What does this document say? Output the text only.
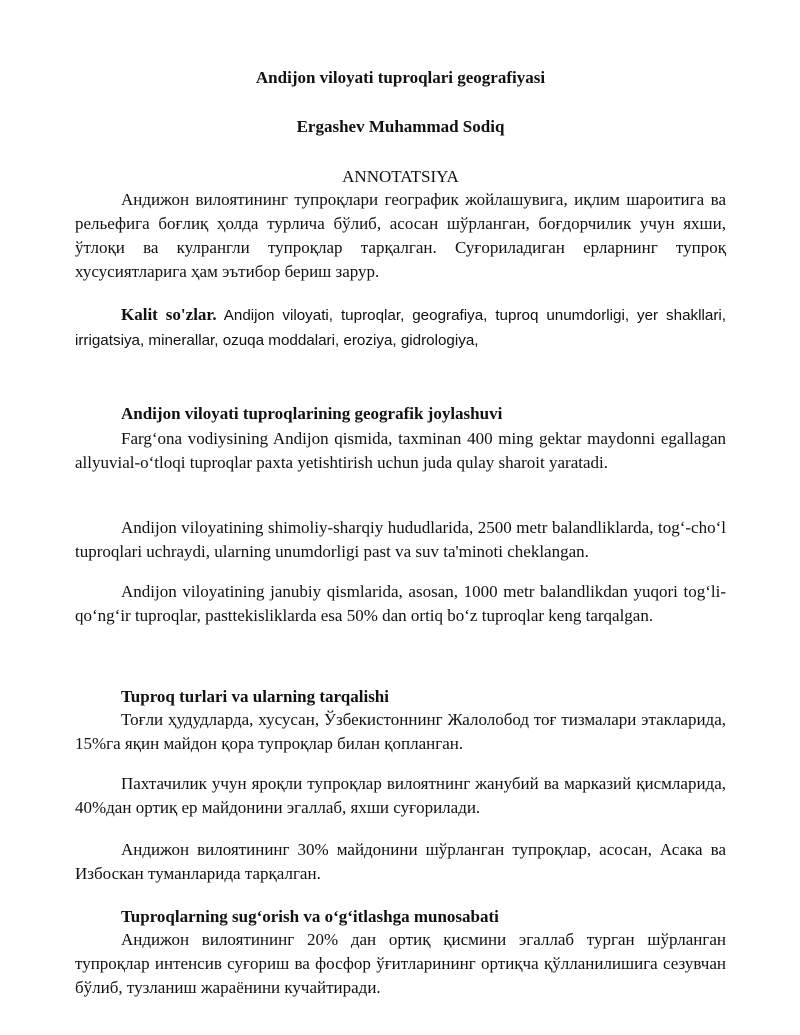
Andijon viloyati tuproqlari geografiyasi
Ergashev Muhammad Sodiq
ANNOTATSIYA
Андижон вилоятининг тупроқлари географик жойлашувига, иқлим шароитига ва рельефига боғлиқ ҳолда турлича бўлиб, асосан шўрланган, боғдорчилик учун яхши, ўтлоқи ва кулрангли тупроқлар тарқалган. Суғориладиган ерларнинг тупроқ хусусиятларига ҳам эътибор бериш зарур.
Kalit so'zlar. Andijon viloyati, tuproqlar, geografiya, tuproq unumdorligi, yer shakllari, irrigatsiya, minerallar, ozuqa moddalari, eroziya, gidrologiya,
Andijon viloyati tuproqlarining geografik joylashuvi
Farg‘ona vodiysining Andijon qismida, taxminan 400 ming gektar maydonni egallagan allyuvial-o‘tloqi tuproqlar paxta yetishtirish uchun juda qulay sharoit yaratadi.
Andijon viloyatining shimoliy-sharqiy hududlarida, 2500 metr balandliklarda, tog‘-cho‘l tuproqlari uchraydi, ularning unumdorligi past va suv ta'minoti cheklangan.
Andijon viloyatining janubiy qismlarida, asosan, 1000 metr balandlikdan yuqori tog‘li-qo‘ng‘ir tuproqlar, pasttekisliklarda esa 50% dan ortiq bo‘z tuproqlar keng tarqalgan.
Tuproq turlari va ularning tarqalishi
Тоғли ҳудудларда, хусусан, Ўзбекистоннинг Жалолобод тоғ тизмалари этакларида, 15%га яқин майдон қора тупроқлар билан қопланган.
Пахтачилик учун яроқли тупроқлар вилоятнинг жанубий ва марказий қисмларида, 40%дан ортиқ ер майдонини эгаллаб, яхши суғорилади.
Андижон вилоятининг 30% майдонини шўрланган тупроқлар, асосан, Асака ва Избоскан туманларида тарқалган.
Tuproqlarning sug‘orish va o‘g‘itlashga munosabati
Андижон вилоятининг 20% дан ортиқ қисмини эгаллаб турган шўрланган тупроқлар интенсив суғориш ва фосфор ўғитларининг ортиқча қўлланилишига сезувчан бўлиб, тузланиш жараёнини кучайтиради.
